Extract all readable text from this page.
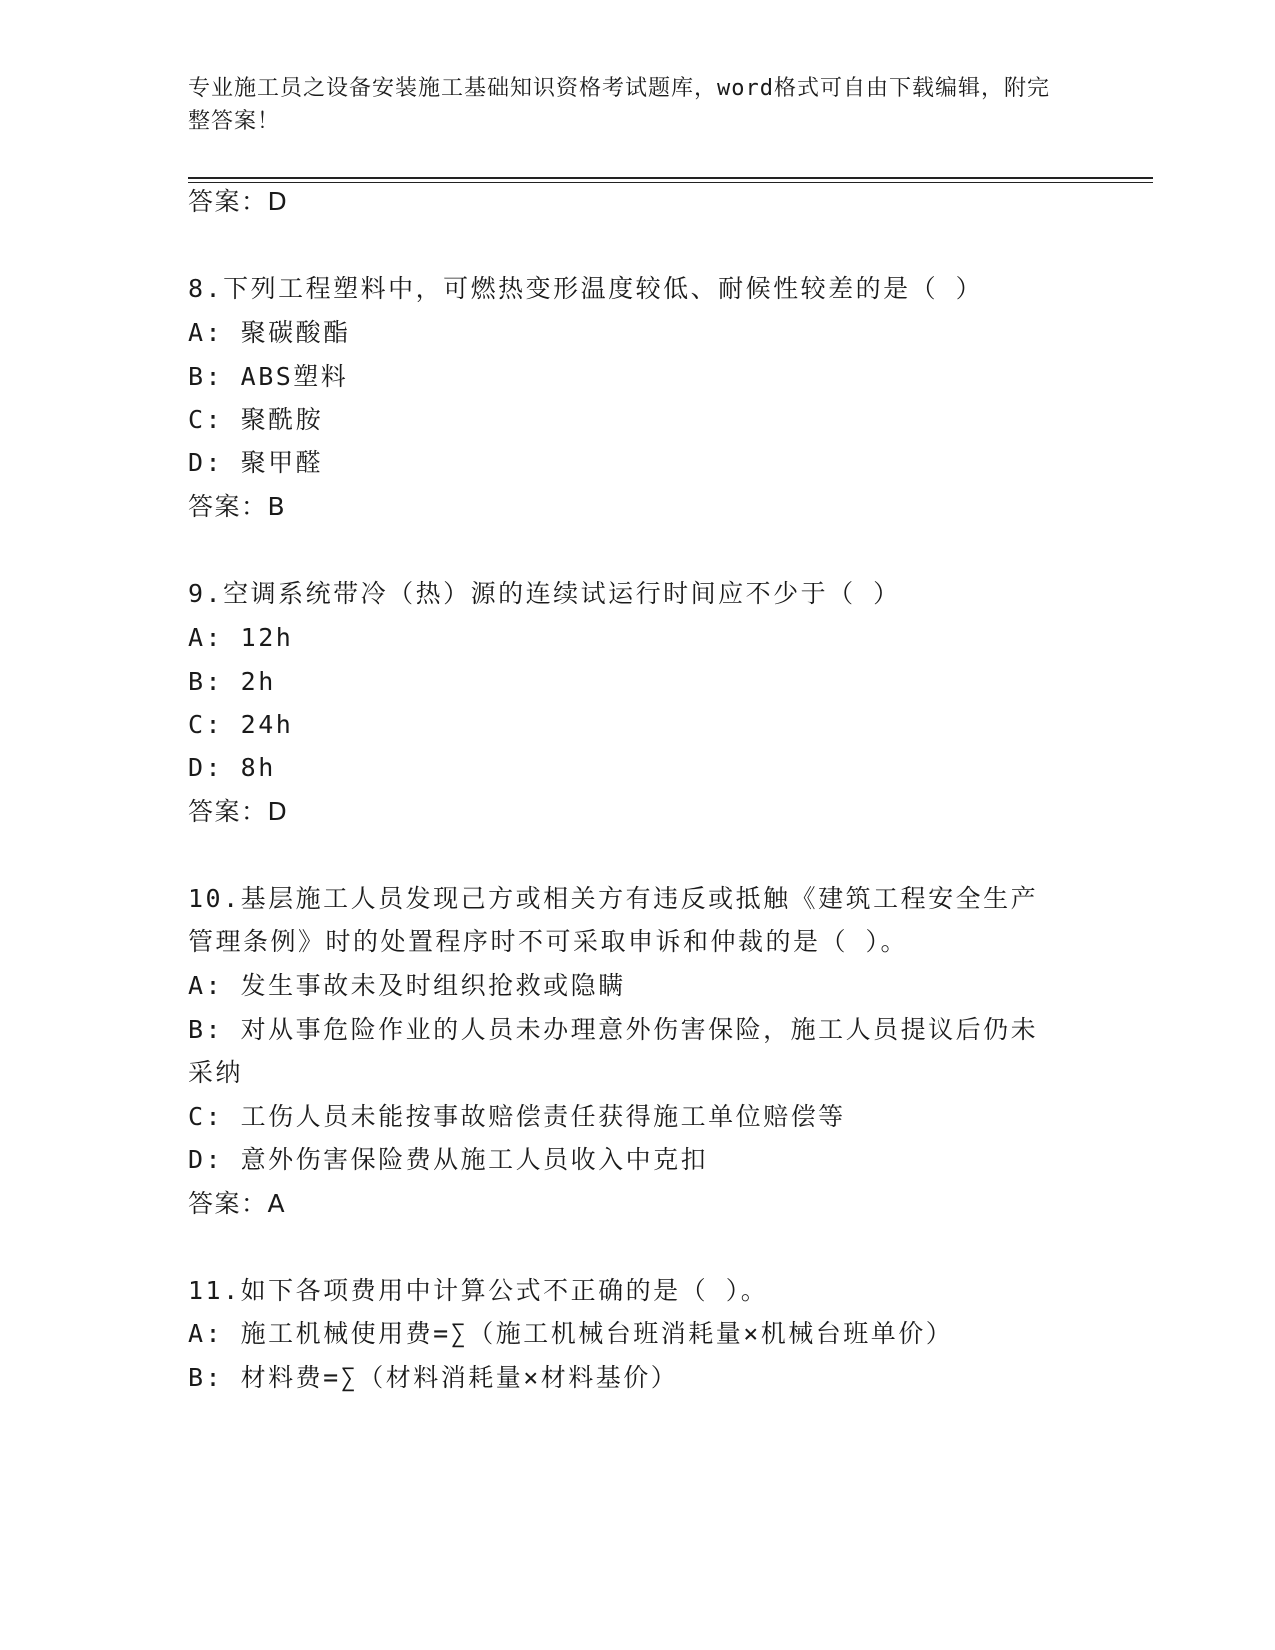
专业施工员之设备安装施工基础知识资格考试题库，word格式可自由下载编辑，附完整答案！
答案：D
8.下列工程塑料中，可燃热变形温度较低、耐候性较差的是（ ）
A: 聚碳酸酯
B: ABS塑料
C: 聚酰胺
D: 聚甲醛
答案：B
9.空调系统带冷（热）源的连续试运行时间应不少于（ ）
A: 12h
B: 2h
C: 24h
D: 8h
答案：D
10.基层施工人员发现己方或相关方有违反或抵触《建筑工程安全生产
管理条例》时的处置程序时不可采取申诉和仲裁的是（ ）。
A: 发生事故未及时组织抢救或隐瞒
B: 对从事危险作业的人员未办理意外伤害保险，施工人员提议后仍未
采纳
C: 工伤人员未能按事故赔偿责任获得施工单位赔偿等
D: 意外伤害保险费从施工人员收入中克扣
答案：A
11.如下各项费用中计算公式不正确的是（ ）。
A: 施工机械使用费=∑（施工机械台班消耗量×机械台班单价）
B: 材料费=∑（材料消耗量×材料基价）
